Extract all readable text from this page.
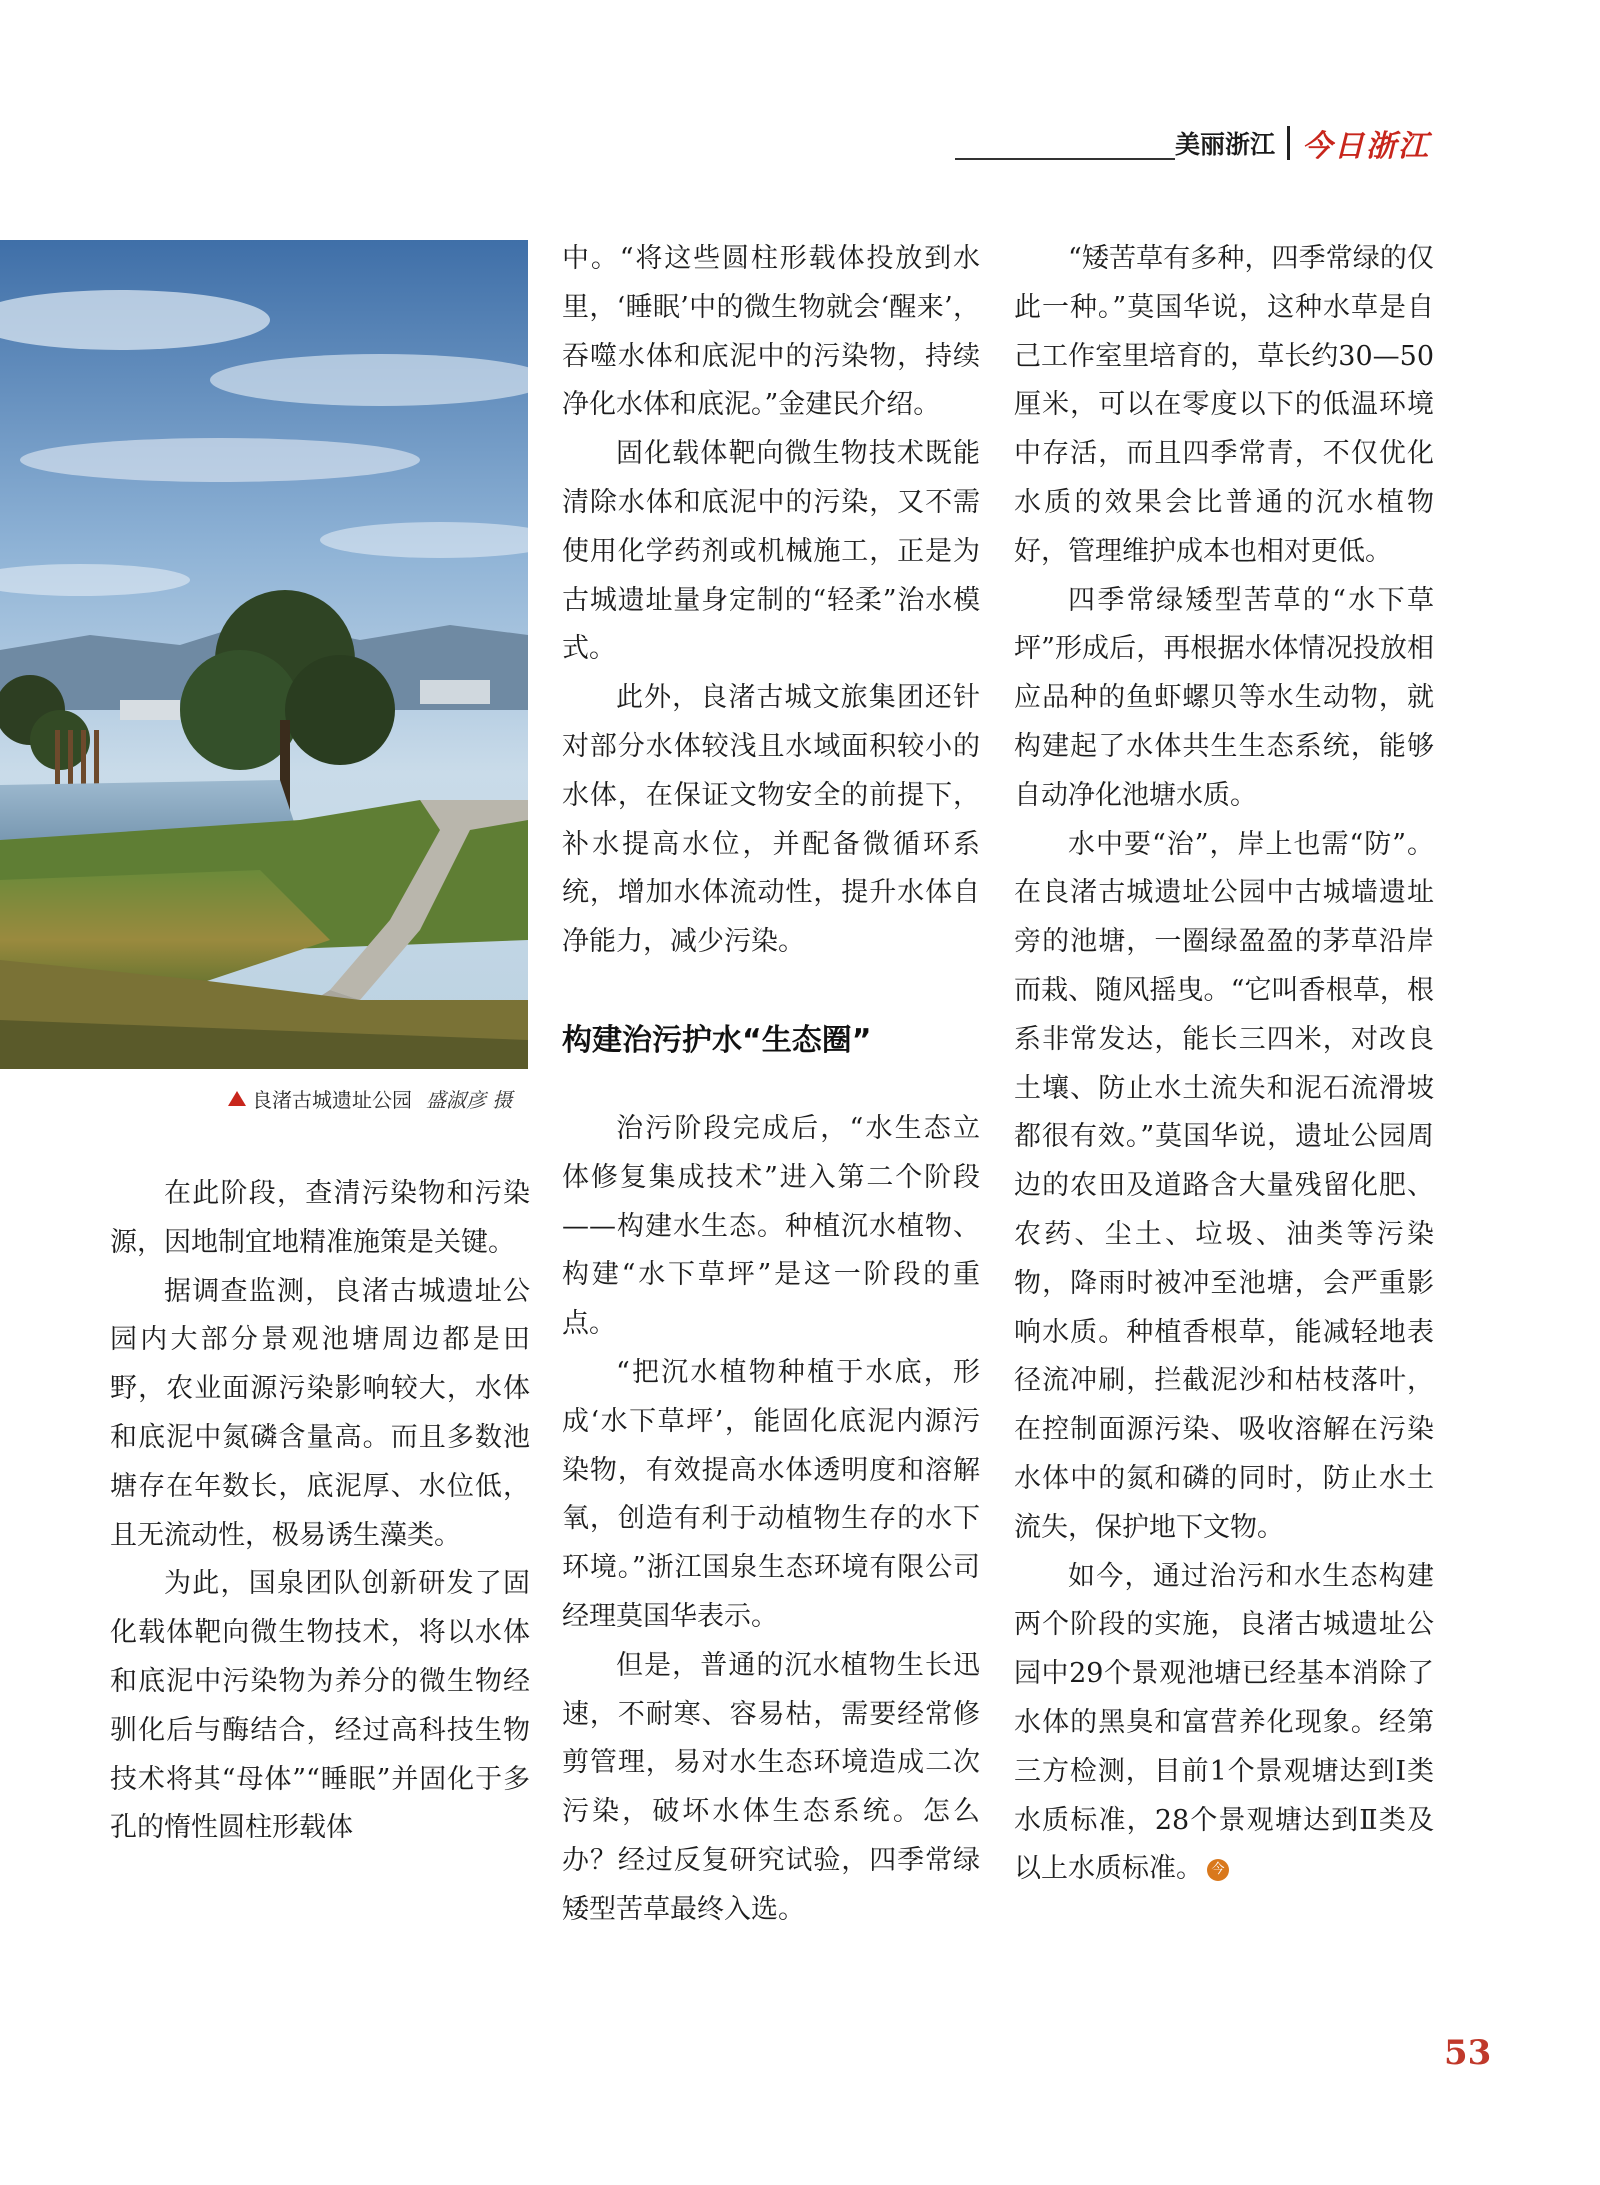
美丽浙江 今日浙江
良渚古城遗址公园 盛淑彦 摄

在此阶段，查清污染物和污染源，因地制宜地精准施策是关键。

据调查监测，良渚古城遗址公园内大部分景观池塘周边都是田野，农业面源污染影响较大，水体和底泥中氮磷含量高。而且多数池塘存在年数长，底泥厚、水位低，且无流动性，极易诱生藻类。

为此，国泉团队创新研发了固化载体靶向微生物技术，将以水体和底泥中污染物为养分的微生物经驯化后与酶结合，经过高科技生物技术将其“母体”“睡眠”并固化于多孔的惰性圆柱形载体

中。“将这些圆柱形载体投放到水里，‘睡眠’中的微生物就会‘醒来’，吞噬水体和底泥中的污染物，持续净化水体和底泥。”金建民介绍。

固化载体靶向微生物技术既能清除水体和底泥中的污染，又不需使用化学药剂或机械施工，正是为古城遗址量身定制的“轻柔”治水模式。

此外，良渚古城文旅集团还针对部分水体较浅且水域面积较小的水体，在保证文物安全的前提下，补水提高水位，并配备微循环系统，增加水体流动性，提升水体自净能力，减少污染。

构建治污护水“生态圈”

治污阶段完成后，“水生态立体修复集成技术”进入第二个阶段——构建水生态。种植沉水植物、构建“水下草坪”是这一阶段的重点。

“把沉水植物种植于水底，形成‘水下草坪’，能固化底泥内源污染物，有效提高水体透明度和溶解氧，创造有利于动植物生存的水下环境。”浙江国泉生态环境有限公司经理莫国华表示。

但是，普通的沉水植物生长迅速，不耐寒、容易枯，需要经常修剪管理，易对水生态环境造成二次污染，破坏水体生态系统。怎么办？经过反复研究试验，四季常绿矮型苦草最终入选。

“矮苦草有多种，四季常绿的仅此一种。”莫国华说，这种水草是自己工作室里培育的，草长约30—50厘米，可以在零度以下的低温环境中存活，而且四季常青，不仅优化水质的效果会比普通的沉水植物好，管理维护成本也相对更低。

四季常绿矮型苦草的“水下草坪”形成后，再根据水体情况投放相应品种的鱼虾螺贝等水生动物，就构建起了水体共生生态系统，能够自动净化池塘水质。

水中要“治”，岸上也需“防”。在良渚古城遗址公园中古城墙遗址旁的池塘，一圈绿盈盈的茅草沿岸而栽、随风摇曳。“它叫香根草，根系非常发达，能长三四米，对改良土壤、防止水土流失和泥石流滑坡都很有效。”莫国华说，遗址公园周边的农田及道路含大量残留化肥、农药、尘土、垃圾、油类等污染物，降雨时被冲至池塘，会严重影响水质。种植香根草，能减轻地表径流冲刷，拦截泥沙和枯枝落叶，在控制面源污染、吸收溶解在污染水体中的氮和磷的同时，防止水土流失，保护地下文物。

如今，通过治污和水生态构建两个阶段的实施，良渚古城遗址公园中29个景观池塘已经基本消除了水体的黑臭和富营养化现象。经第三方检测，目前1个景观塘达到Ⅰ类水质标准，28个景观塘达到Ⅱ类及以上水质标准。 今

53
